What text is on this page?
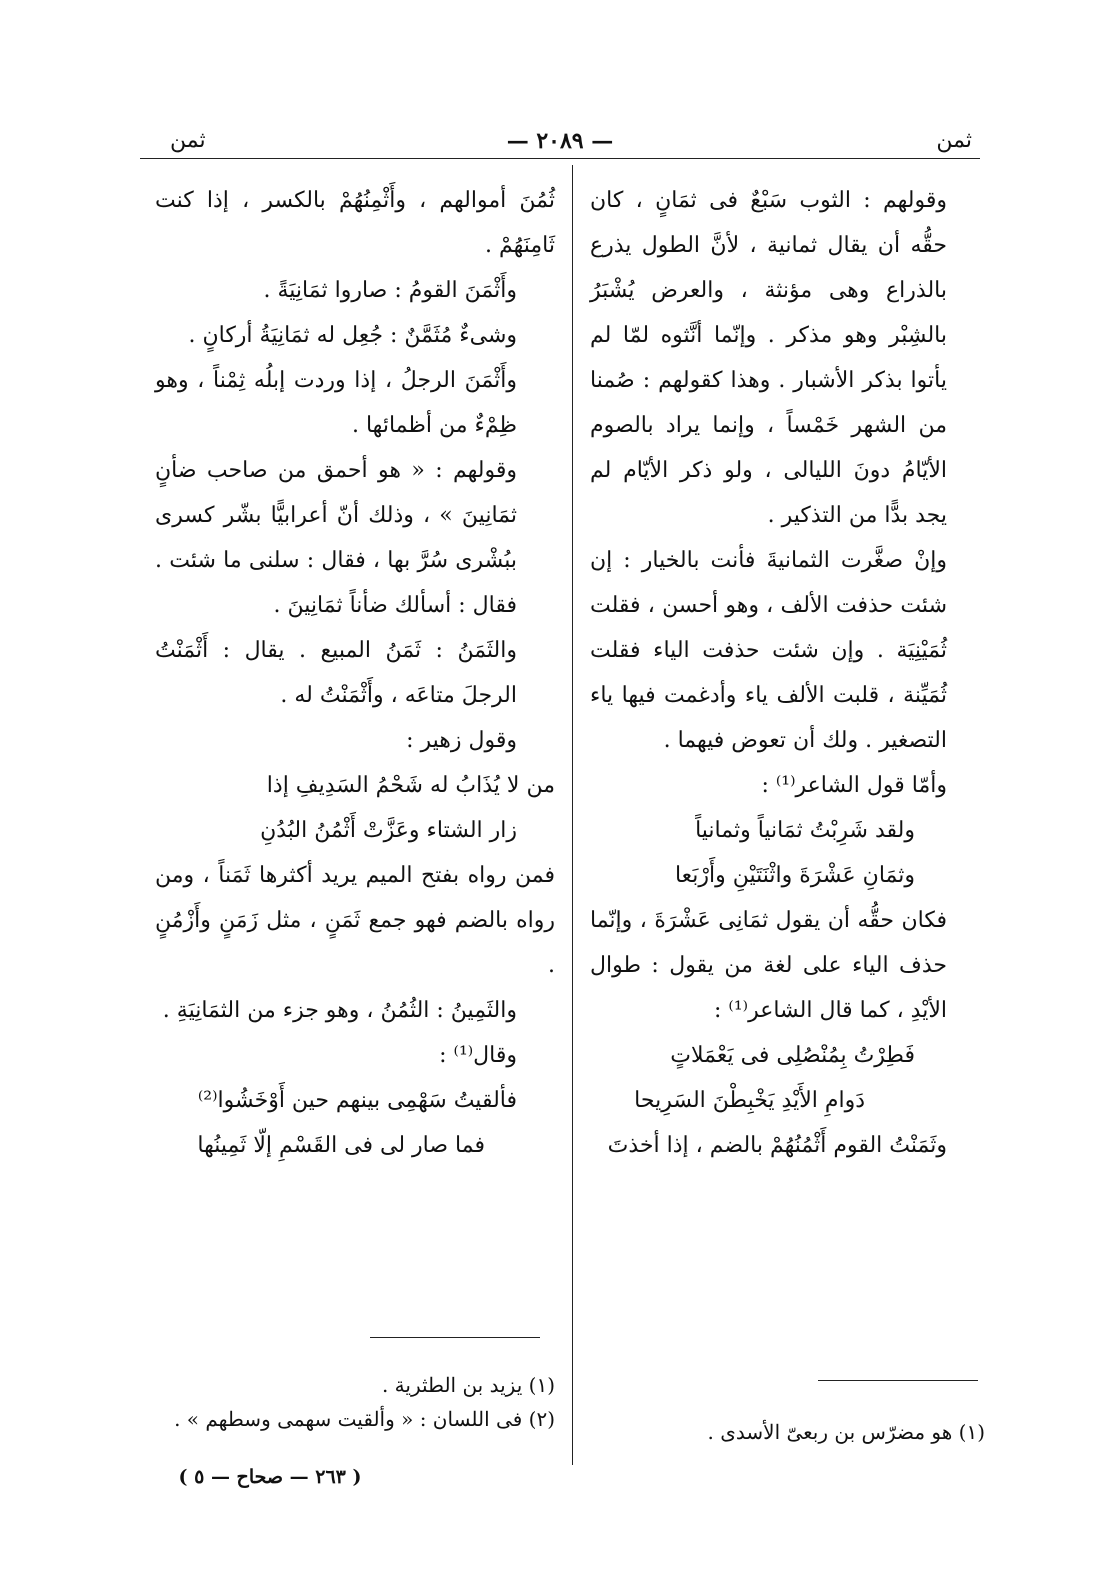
ثمن	— ٢٠٨٩ —	ثمن

وقولهم : الثوب سَبْعٌ فى ثمَانٍ ، كان حقُّه أن يقال ثمانية ، لأنَّ الطول يذرع بالذراع وهى مؤنثة ، والعرض يُشْبَرُ بالشِبْر وهو مذكر . وإنّما أنَّثوه لمّا لم يأتوا بذكر الأشبار . وهذا كقولهم : صُمنا من الشهر خَمْساً ، وإنما يراد بالصوم الأيّامُ دونَ الليالى ، ولو ذكر الأيّام لم يجد بدًّا من التذكير .

وإنْ صغَّرت الثمانيةَ فأنت بالخيار : إن شئت حذفت الألف ، وهو أحسن ، فقلت ثُمَيْنِيَة . وإن شئت حذفت الياء فقلت ثُمَيِّنة ، قلبت الألف ياء وأدغمت فيها ياء التصغير . ولك أن تعوض فيهما .

وأمّا قول الشاعر⁽¹⁾ :

ولقد شَرِبْتُ ثمَانياً وثمانياً

وثمَانِ عَشْرَةَ واثْنَتَيْنِ وأَرْبَعا

فكان حقُّه أن يقول ثمَانِى عَشْرَةَ ، وإنّما حذف الياء على لغة من يقول : طوال الأيْدِ ، كما قال الشاعر⁽¹⁾ :

فَطِرْتُ بِمُنْصُلِى فى يَعْمَلاتٍ

دَوامِ الأَيْدِ يَخْبِطْنَ السَرِيحا

وثَمَنْتُ القوم أَثْمُنُهُمْ بالضم ، إذا أخذتَ

ثُمُنَ أموالهم ، وأَثْمِنُهُمْ بالكسر ، إذا كنت ثَامِنَهُمْ .

وأَثْمَنَ القومُ : صاروا ثمَانِيَةً .

وشىءٌ مُثَمَّنٌ : جُعِل له ثمَانِيَةُ أركانٍ .

وأَثْمَنَ الرجلُ ، إذا وردت إبلُه ثِمْناً ، وهو ظِمْءٌ من أظمائها .

وقولهم : « هو أحمق من صاحب ضأنٍ ثمَانِينَ » ، وذلك أنّ أعرابيًّا بشّر كسرى ببُشْرى سُرَّ بها ، فقال : سلنى ما شئت . فقال : أسألك ضأناً ثمَانِينَ .

والثَمَنُ : ثَمَنُ المبيع . يقال : أَثْمَنْتُ الرجلَ متاعَه ، وأَثْمَنْتُ له .

وقول زهير :

من لا يُذَابُ له شَحْمُ السَدِيفِ إذا

زار الشتاء وعَزَّتْ أَثْمُنُ البُدُنِ

فمن رواه بفتح الميم يريد أكثرها ثَمَناً ، ومن رواه بالضم فهو جمع ثَمَنٍ ، مثل زَمَنٍ وأَزْمُنٍ .

والثَمِينُ : الثُمُنُ ، وهو جزء من الثمَانِيَةِ .

وقال⁽¹⁾ :

فألقيتُ سَهْمِى بينهم حين أَوْخَشُوا⁽²⁾

فما صار لى فى القَسْمِ إلّا ثَمِينُها

(١) هو مضرّس بن ربعىّ الأسدى .
(١) يزيد بن الطثرية .
(٢) فى اللسان : « وألقيت سهمى وسطهم » .
( ٢٦٣ — صحاح — ٥ )
